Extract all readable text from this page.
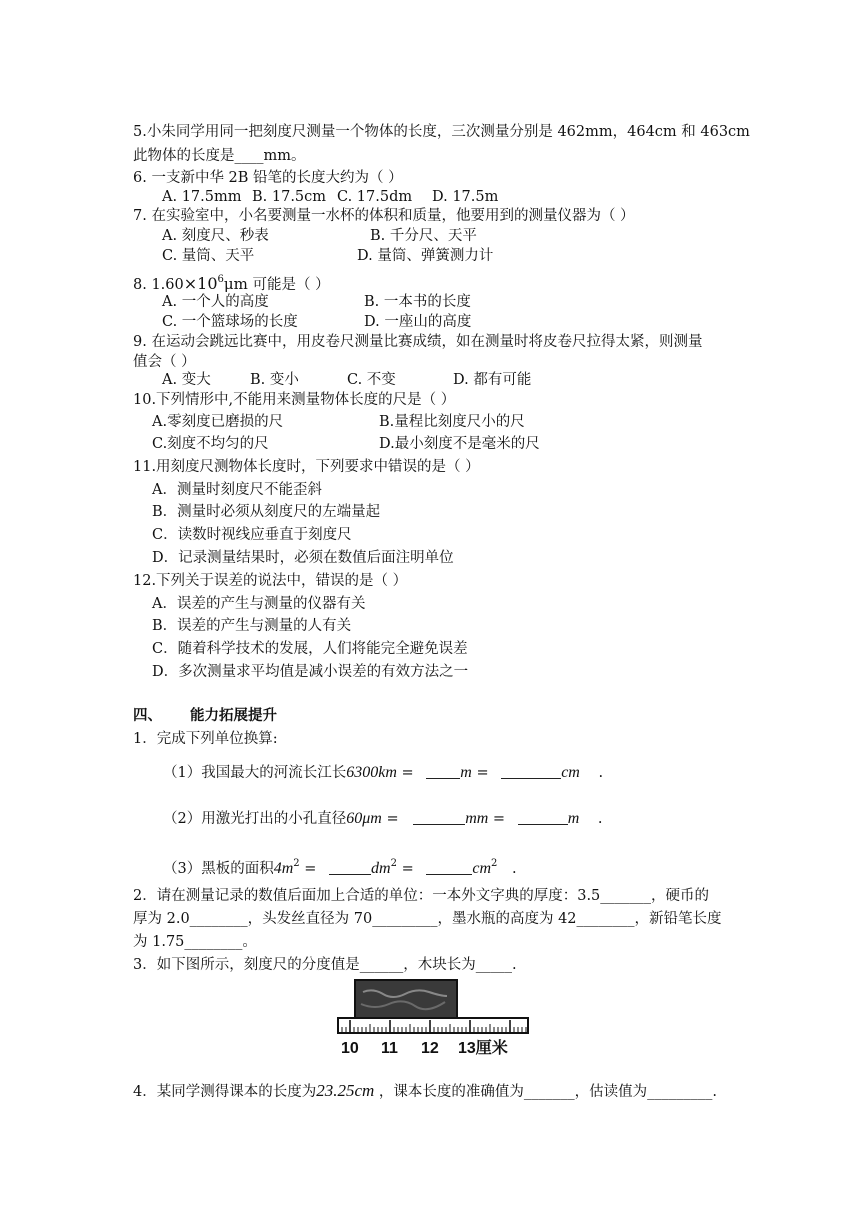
5.小朱同学用同一把刻度尺测量一个物体的长度，三次测量分别是 462mm，464cm 和 463cm
此物体的长度是____mm。
6. 一支新中华 2B 铅笔的长度大约为（ ）
A. 17.5mm B. 17.5cm C. 17.5dm D. 17.5m
7. 在实验室中，小名要测量一水杯的体积和质量，他要用到的测量仪器为（ ）
A. 刻度尺、秒表	B. 千分尺、天平
C. 量筒、天平	D. 量筒、弹簧测力计
8. $1.60\times 10^6\mu m$ 可能是（ ）
A. 一个人的高度	B. 一本书的长度
C. 一个篮球场的长度	D. 一座山的高度
9. 在运动会跳远比赛中，用皮卷尺测量比赛成绩，如在测量时将皮卷尺拉得太紧，则测量
值会（ ）
A. 变大	B. 变小	C. 不变	D. 都有可能
10.下列情形中,不能用来测量物体长度的尺是（ ）
A.零刻度已磨损的尺	B.量程比刻度尺小的尺
C.刻度不均匀的尺	D.最小刻度不是毫米的尺
11.用刻度尺测物体长度时，下列要求中错误的是（ ）
A．测量时刻度尺不能歪斜
B．测量时必须从刻度尺的左端量起
C．读数时视线应垂直于刻度尺
D．记录测量结果时，必须在数值后面注明单位
12.下列关于误差的说法中，错误的是（ ）
A．误差的产生与测量的仪器有关
B．误差的产生与测量的人有关
C．随着科学技术的发展，人们将能完全避免误差
D．多次测量求平均值是减小误差的有效方法之一
四、 能力拓展提升
1．完成下列单位换算:
（1）我国最大的河流长江长6300km =	m =	cm .
（2）用激光打出的小孔直径60μm =	mm =	m .
（3）黑板的面积$4m^2$ =	$dm^2$ =	$cm^2$ .
2．请在测量记录的数值后面加上合适的单位：一本外文字典的厚度：3.5_______，硬币的
厚为 2.0________，头发丝直径为 70_________，墨水瓶的高度为 42________，新铅笔长度
为 1.75________。
3．如下图所示，刻度尺的分度值是______，木块长为_____.
10 11 12 13厘米
4．某同学测得课本的长度为23.25cm ，课本长度的准确值为_______，估读值为_________.
